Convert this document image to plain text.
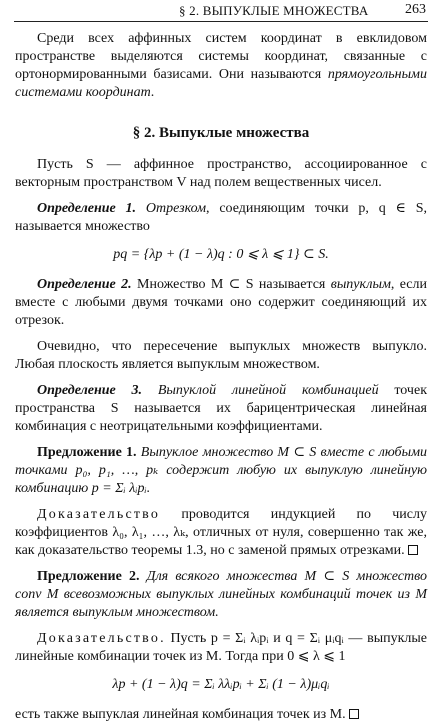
§ 2. ВЫПУКЛЫЕ МНОЖЕСТВА	263

Среди всех аффинных систем координат в евклидовом пространстве выделяются системы координат, связанные с ортонормированными базисами. Они называются прямоугольными системами координат.

§ 2. Выпуклые множества

Пусть S — аффинное пространство, ассоциированное с векторным пространством V над полем вещественных чисел.

Определение 1. Отрезком, соединяющим точки p, q ∈ S, называется множество

pq = {λp + (1 − λ)q : 0 ⩽ λ ⩽ 1} ⊂ S.

Определение 2. Множество M ⊂ S называется выпуклым, если вместе с любыми двумя точками оно содержит соединяющий их отрезок.

Очевидно, что пересечение выпуклых множеств выпукло. Любая плоскость является выпуклым множеством.

Определение 3. Выпуклой линейной комбинацией точек пространства S называется их барицентрическая линейная комбинация с неотрицательными коэффициентами.

Предложение 1. Выпуклое множество M ⊂ S вместе с любыми точками p₀, p₁, …, pₖ содержит любую их выпуклую линейную комбинацию p = Σᵢ λᵢpᵢ.

Доказательство проводится индукцией по числу коэффициентов λ₀, λ₁, …, λₖ, отличных от нуля, совершенно так же, как доказательство теоремы 1.3, но с заменой прямых отрезками.

Предложение 2. Для всякого множества M ⊂ S множество conv M всевозможных выпуклых линейных комбинаций точек из M является выпуклым множеством.

Доказательство. Пусть p = Σᵢ λᵢpᵢ и q = Σᵢ μᵢqᵢ — выпуклые линейные комбинации точек из M. Тогда при 0 ⩽ λ ⩽ 1

λp + (1 − λ)q = Σᵢ λλᵢpᵢ + Σᵢ (1 − λ)μᵢqᵢ

есть также выпуклая линейная комбинация точек из M.
